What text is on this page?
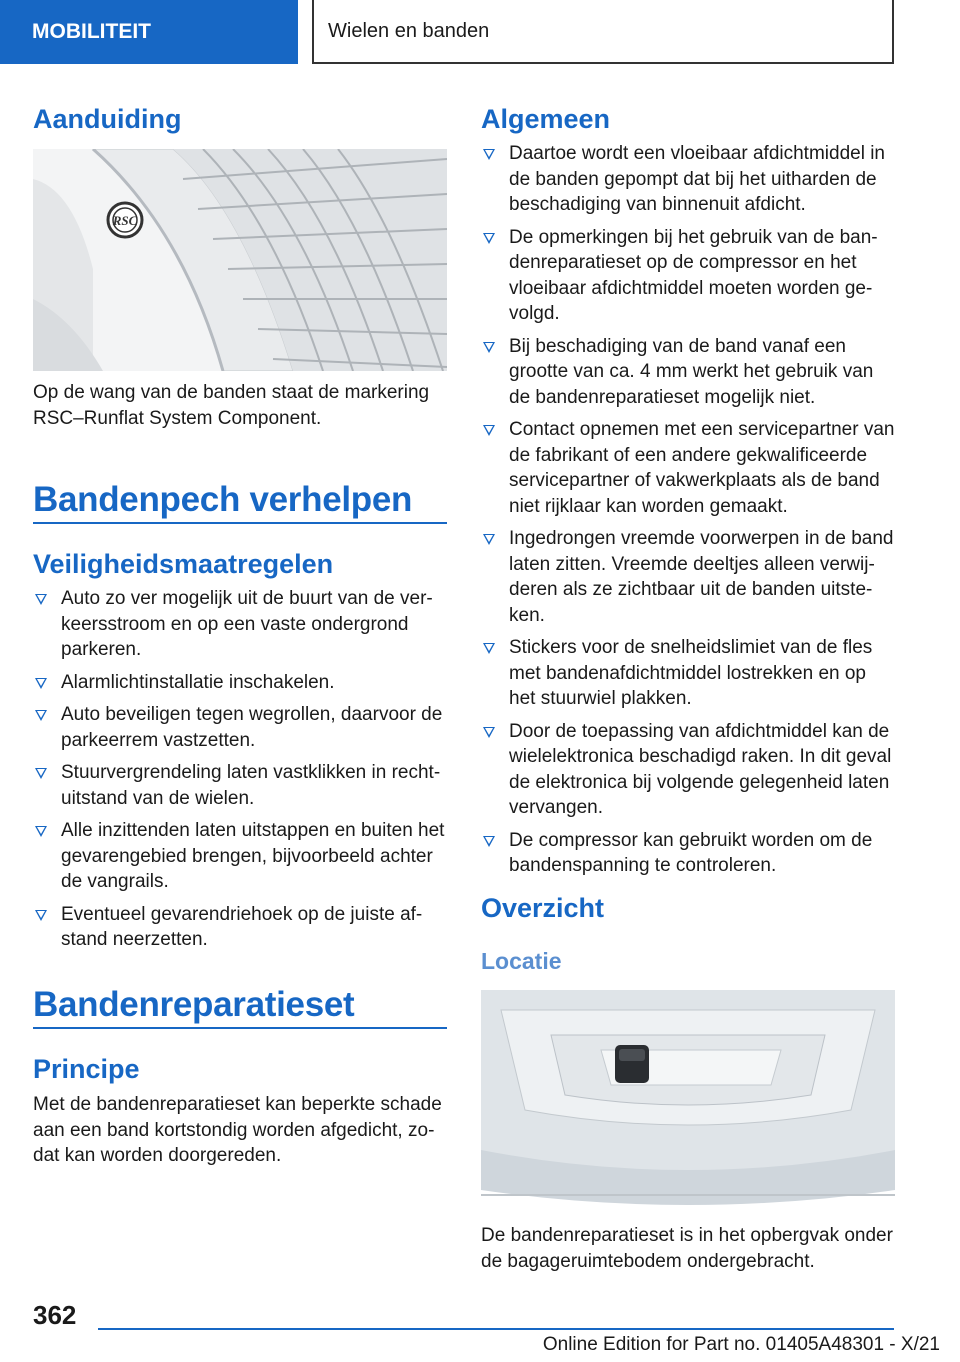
MOBILITEIT	Wielen en banden
Aanduiding
RSC

Op de wang van de banden staat de markering RSC–Runflat System Component.

Bandenpech verhelpen
Veiligheidsmaatregelen
Auto zo ver mogelijk uit de buurt van de verkeersstroom en op een vaste ondergrond parkeren.
Alarmlichtinstallatie inschakelen.
Auto beveiligen tegen wegrollen, daarvoor de parkeerrem vastzetten.
Stuurvergrendeling laten vastklikken in rechtuitstand van de wielen.
Alle inzittenden laten uitstappen en buiten het gevarengebied brengen, bijvoorbeeld achter de vangrails.
Eventueel gevarendriehoek op de juiste afstand neerzetten.
Bandenreparatieset
Principe

Met de bandenreparatieset kan beperkte schade aan een band kortstondig worden afgedicht, zodat kan worden doorgereden.

Algemeen
Daartoe wordt een vloeibaar afdichtmiddel in de banden gepompt dat bij het uitharden de beschadiging van binnenuit afdicht.
De opmerkingen bij het gebruik van de bandenreparatieset op de compressor en het vloeibaar afdichtmiddel moeten worden gevolgd.
Bij beschadiging van de band vanaf een grootte van ca. 4 mm werkt het gebruik van de bandenreparatieset mogelijk niet.
Contact opnemen met een servicepartner van de fabrikant of een andere gekwalificeerde servicepartner of vakwerkplaats als de band niet rijklaar kan worden gemaakt.
Ingedrongen vreemde voorwerpen in de band laten zitten. Vreemde deeltjes alleen verwijderen als ze zichtbaar uit de banden uitsteken.
Stickers voor de snelheidslimiet van de fles met bandenafdichtmiddel lostrekken en op het stuurwiel plakken.
Door de toepassing van afdichtmiddel kan de wielelektronica beschadigd raken. In dit geval de elektronica bij volgende gelegenheid laten vervangen.
De compressor kan gebruikt worden om de bandenspanning te controleren.
Overzicht
Locatie

De bandenreparatieset is in het opbergvak onder de bagageruimtebodem ondergebracht.

362
Online Edition for Part no. 01405A48301 - X/21
